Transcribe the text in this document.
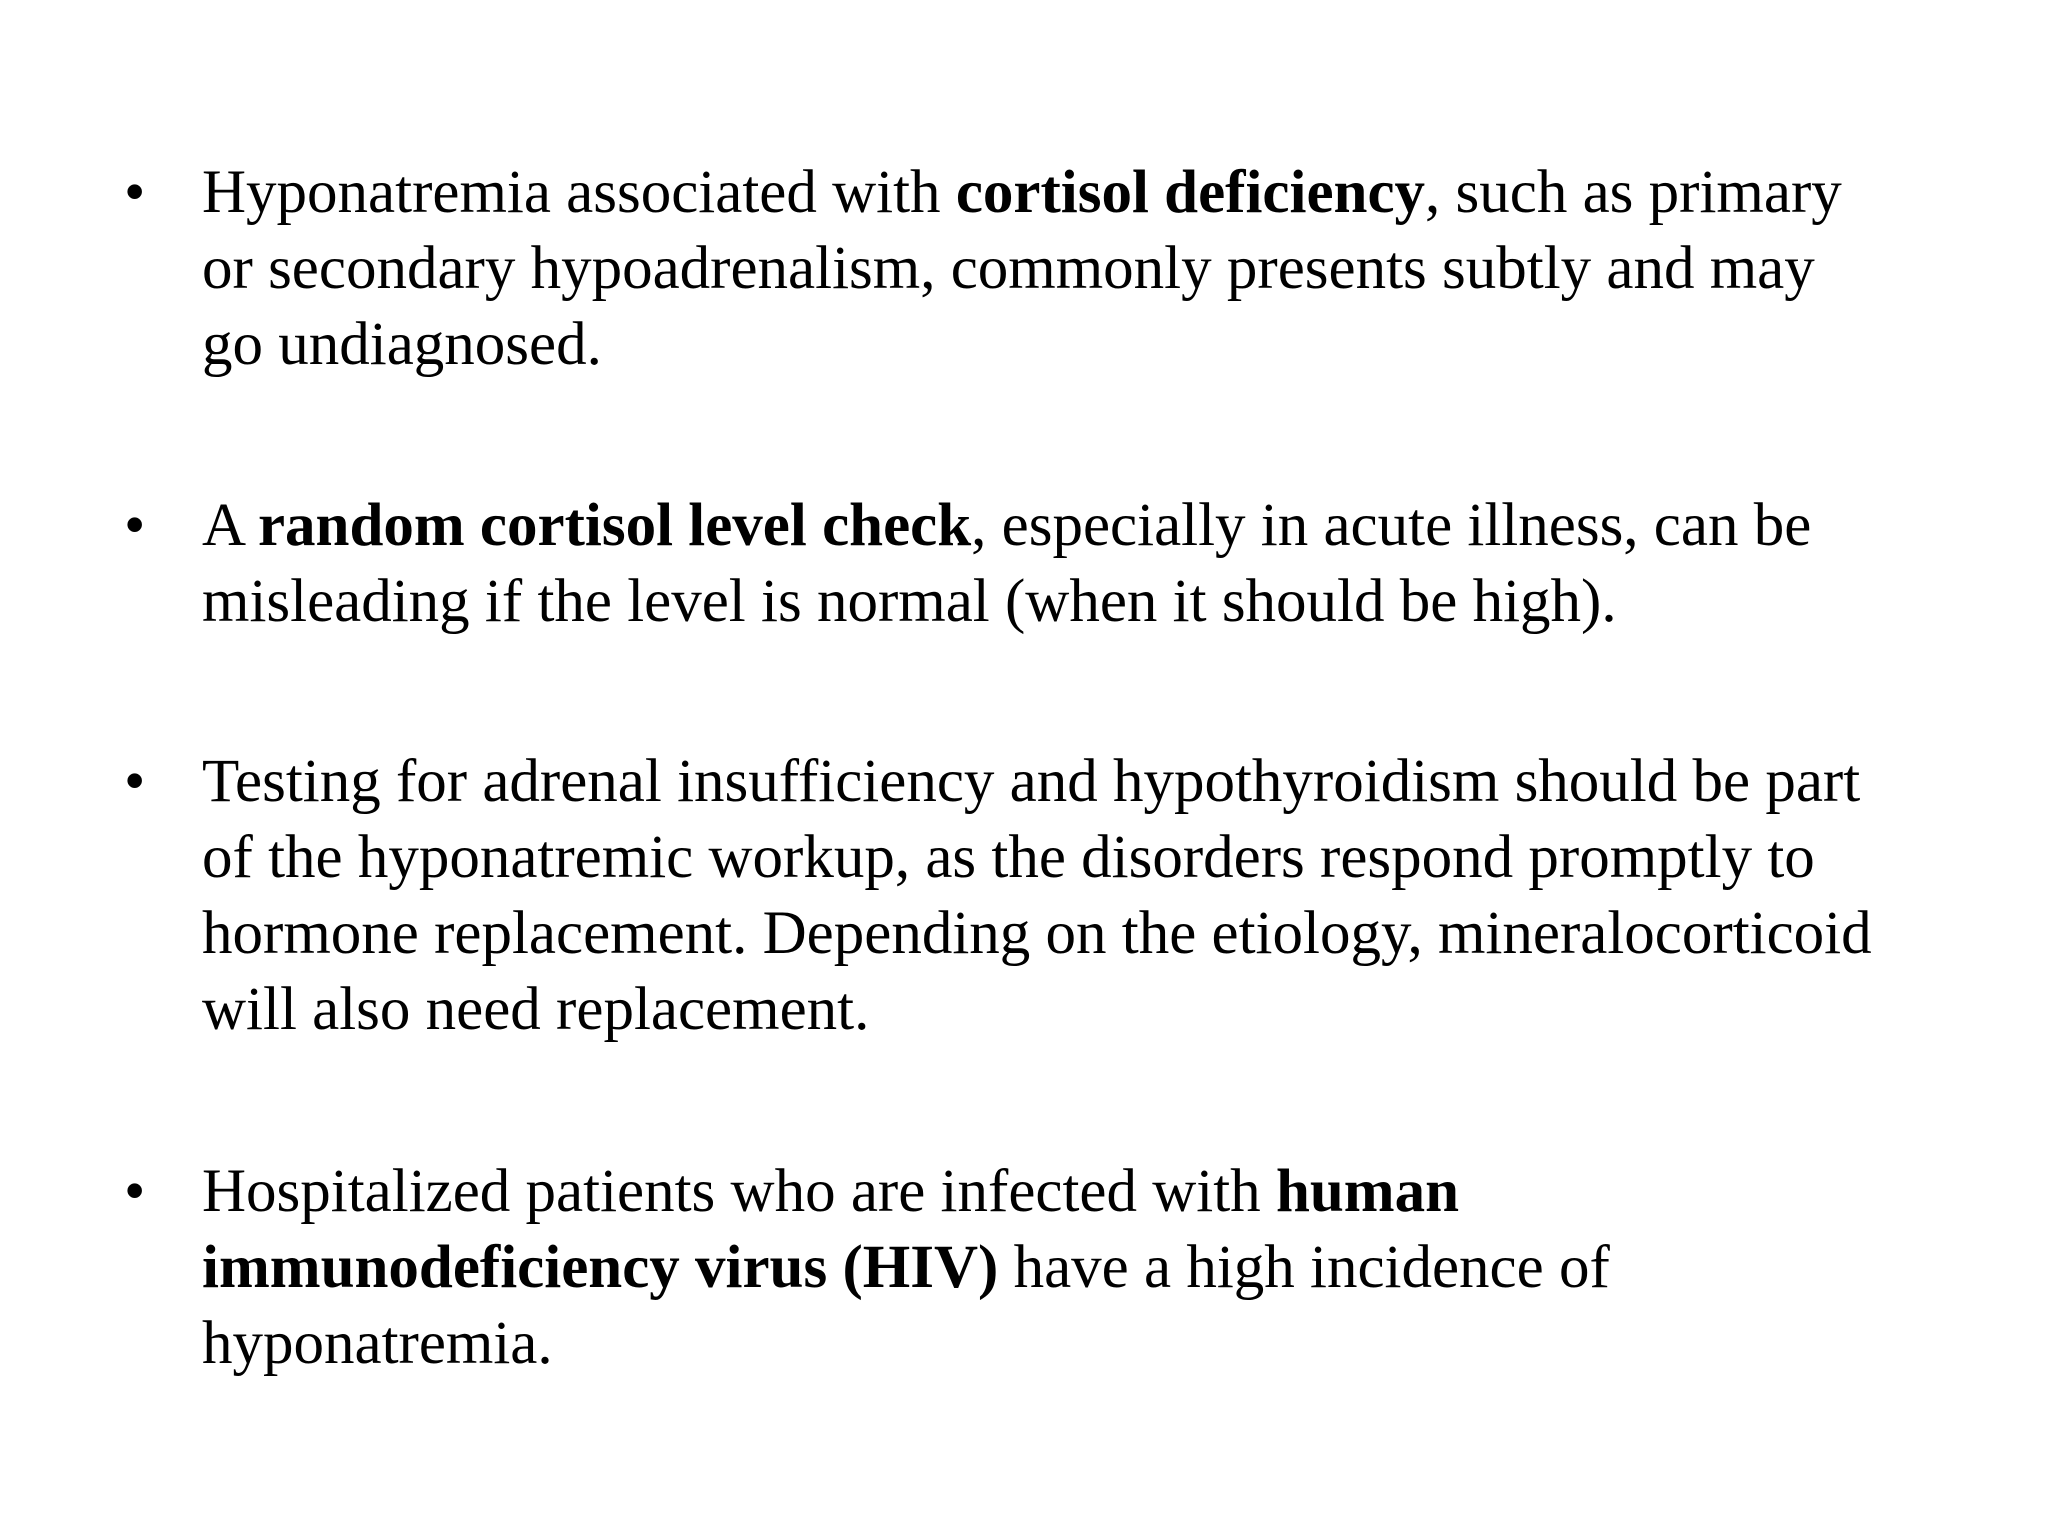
• Hyponatremia associated with cortisol deficiency, such as primary
or secondary hypoadrenalism, commonly presents subtly and may
go undiagnosed.
• A random cortisol level check, especially in acute illness, can be
misleading if the level is normal (when it should be high).
• Testing for adrenal insufficiency and hypothyroidism should be part
of the hyponatremic workup, as the disorders respond promptly to
hormone replacement. Depending on the etiology, mineralocorticoid
will also need replacement.
• Hospitalized patients who are infected with human
immunodeficiency virus (HIV) have a high incidence of
hyponatremia.
